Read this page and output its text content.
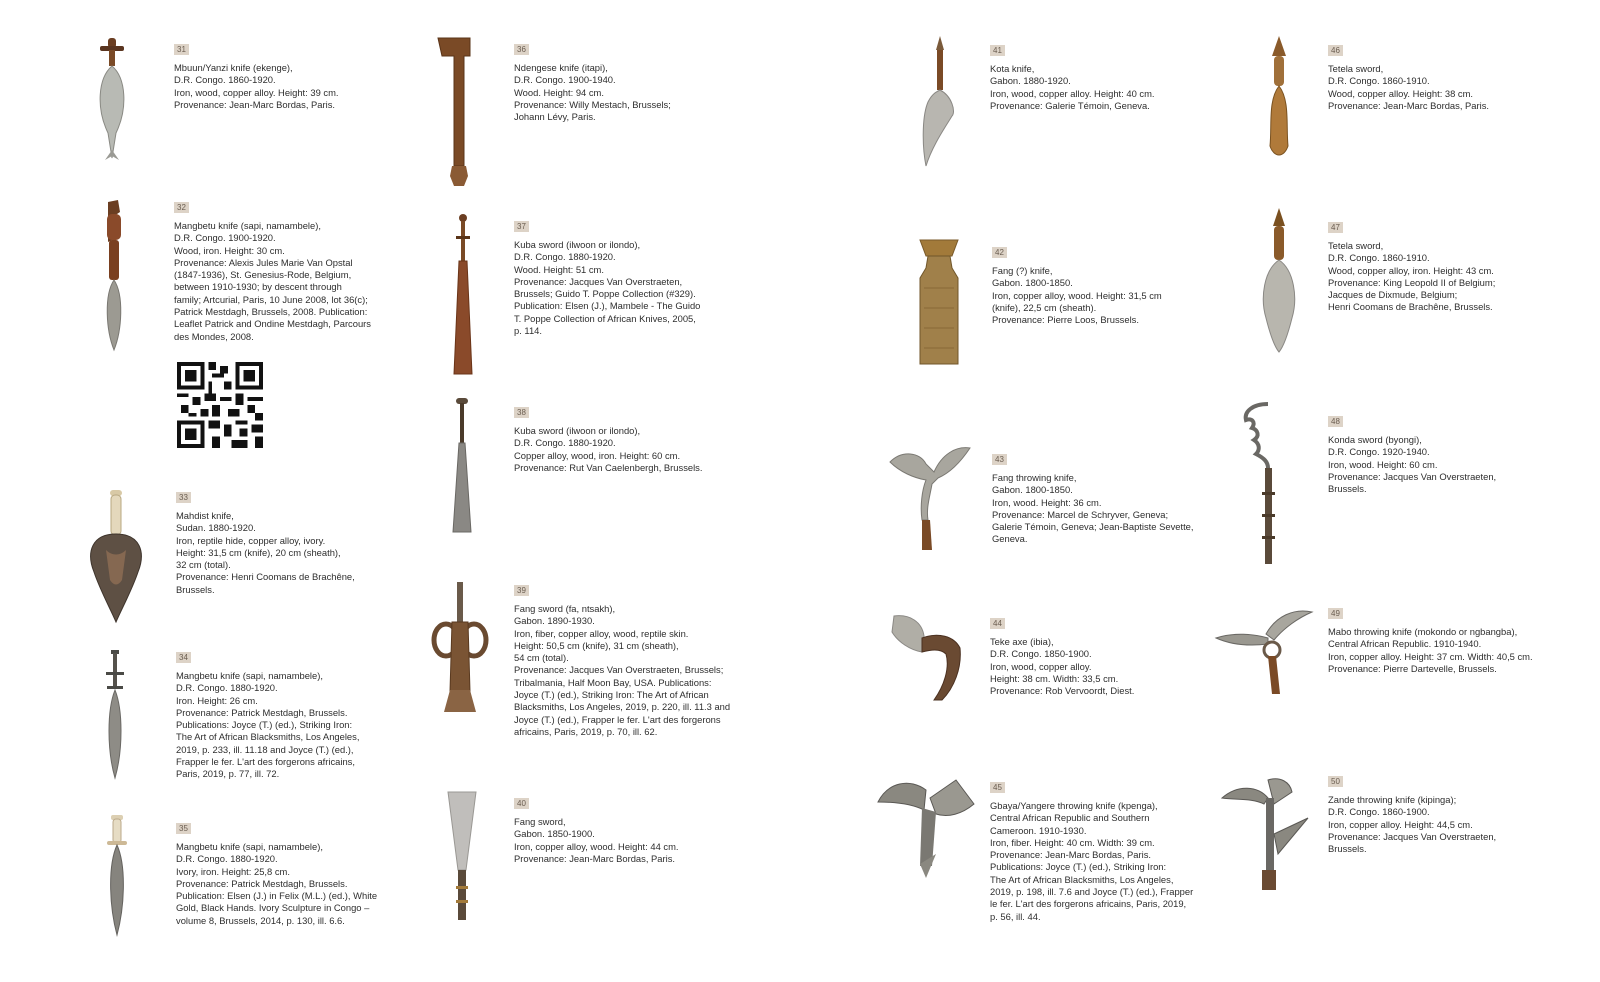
31
Mbuun/Yanzi knife (ekenge),
D.R. Congo. 1860-1920.
Iron, wood, copper alloy. Height: 39 cm.
Provenance: Jean-Marc Bordas, Paris.
32
Mangbetu knife (sapi, namambele),
D.R. Congo. 1900-1920.
Wood, iron. Height: 30 cm.
Provenance: Alexis Jules Marie Van Opstal
(1847-1936), St. Genesius-Rode, Belgium,
between 1910-1930; by descent through
family; Artcurial, Paris, 10 June 2008, lot 36(c);
Patrick Mestdagh, Brussels, 2008. Publication:
Leaflet Patrick and Ondine Mestdagh, Parcours
des Mondes, 2008.
33
Mahdist knife,
Sudan. 1880-1920.
Iron, reptile hide, copper alloy, ivory.
Height: 31,5 cm (knife), 20 cm (sheath),
32 cm (total).
Provenance: Henri Coomans de Brachêne,
Brussels.
34
Mangbetu knife (sapi, namambele),
D.R. Congo. 1880-1920.
Iron. Height: 26 cm.
Provenance: Patrick Mestdagh, Brussels.
Publications: Joyce (T.) (ed.), Striking Iron:
The Art of African Blacksmiths, Los Angeles,
2019, p. 233, ill. 11.18 and Joyce (T.) (ed.),
Frapper le fer. L'art des forgerons africains,
Paris, 2019, p. 77, ill. 72.
35
Mangbetu knife (sapi, namambele),
D.R. Congo. 1880-1920.
Ivory, iron. Height: 25,8 cm.
Provenance: Patrick Mestdagh, Brussels.
Publication: Elsen (J.) in Felix (M.L.) (ed.), White
Gold, Black Hands. Ivory Sculpture in Congo –
volume 8, Brussels, 2014, p. 130, ill. 6.6.
36
Ndengese knife (itapi),
D.R. Congo. 1900-1940.
Wood. Height: 94 cm.
Provenance: Willy Mestach, Brussels;
Johann Lévy, Paris.
37
Kuba sword (ilwoon or ilondo),
D.R. Congo. 1880-1920.
Wood. Height: 51 cm.
Provenance: Jacques Van Overstraeten,
Brussels; Guido T. Poppe Collection (#329).
Publication: Elsen (J.), Mambele - The Guido
T. Poppe Collection of African Knives, 2005,
p. 114.
38
Kuba sword (ilwoon or ilondo),
D.R. Congo. 1880-1920.
Copper alloy, wood, iron. Height: 60 cm.
Provenance: Rut Van Caelenbergh, Brussels.
39
Fang sword (fa, ntsakh),
Gabon. 1890-1930.
Iron, fiber, copper alloy, wood, reptile skin.
Height: 50,5 cm (knife), 31 cm (sheath),
54 cm (total).
Provenance: Jacques Van Overstraeten, Brussels;
Tribalmania, Half Moon Bay, USA. Publications:
Joyce (T.) (ed.), Striking Iron: The Art of African
Blacksmiths, Los Angeles, 2019, p. 220, ill. 11.3 and
Joyce (T.) (ed.), Frapper le fer. L'art des forgerons
africains, Paris, 2019, p. 70, ill. 62.
40
Fang sword,
Gabon. 1850-1900.
Iron, copper alloy, wood. Height: 44 cm.
Provenance: Jean-Marc Bordas, Paris.
41
Kota knife,
Gabon. 1880-1920.
Iron, wood, copper alloy. Height: 40 cm.
Provenance: Galerie Témoin, Geneva.
42
Fang (?) knife,
Gabon. 1800-1850.
Iron, copper alloy, wood. Height: 31,5 cm
(knife), 22,5 cm (sheath).
Provenance: Pierre Loos, Brussels.
43
Fang throwing knife,
Gabon. 1800-1850.
Iron, wood. Height: 36 cm.
Provenance: Marcel de Schryver, Geneva;
Galerie Témoin, Geneva; Jean-Baptiste Sevette,
Geneva.
44
Teke axe (ibia),
D.R. Congo. 1850-1900.
Iron, wood, copper alloy.
Height: 38 cm. Width: 33,5 cm.
Provenance: Rob Vervoordt, Diest.
45
Gbaya/Yangere throwing knife (kpenga),
Central African Republic and Southern
Cameroon. 1910-1930.
Iron, fiber. Height: 40 cm. Width: 39 cm.
Provenance: Jean-Marc Bordas, Paris.
Publications: Joyce (T.) (ed.), Striking Iron:
The Art of African Blacksmiths, Los Angeles,
2019, p. 198, ill. 7.6 and Joyce (T.) (ed.), Frapper
le fer. L'art des forgerons africains, Paris, 2019,
p. 56, ill. 44.
46
Tetela sword,
D.R. Congo. 1860-1910.
Wood, copper alloy. Height: 38 cm.
Provenance: Jean-Marc Bordas, Paris.
47
Tetela sword,
D.R. Congo. 1860-1910.
Wood, copper alloy, iron. Height: 43 cm.
Provenance: King Leopold II of Belgium;
Jacques de Dixmude, Belgium;
Henri Coomans de Brachêne, Brussels.
48
Konda sword (byongi),
D.R. Congo. 1920-1940.
Iron, wood. Height: 60 cm.
Provenance: Jacques Van Overstraeten,
Brussels.
49
Mabo throwing knife (mokondo or ngbangba),
Central African Republic. 1910-1940.
Iron, copper alloy. Height: 37 cm. Width: 40,5 cm.
Provenance: Pierre Dartevelle, Brussels.
50
Zande throwing knife (kipinga);
D.R. Congo. 1860-1900.
Iron, copper alloy. Height: 44,5 cm.
Provenance: Jacques Van Overstraeten,
Brussels.
